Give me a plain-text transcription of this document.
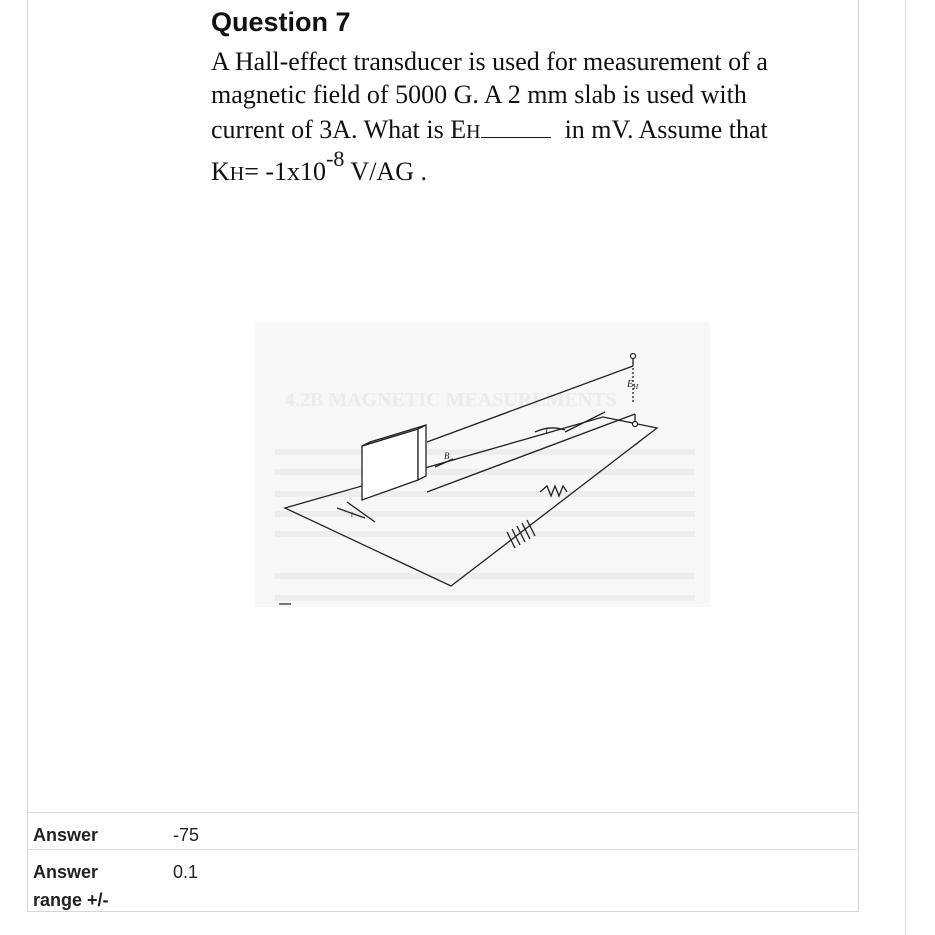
Question 7
A Hall-effect transducer is used for measurement of a
magnetic field of 5000 G. A 2 mm slab is used with
current of 3A. What is EH	in mV. Assume that
$KH= -1x10^{-8}$ V/AG .
4.2B MAGNETIC MEASUREMENTS
$E_H$
B
I
t
Answer	-75
Answer range +/-
0.1
